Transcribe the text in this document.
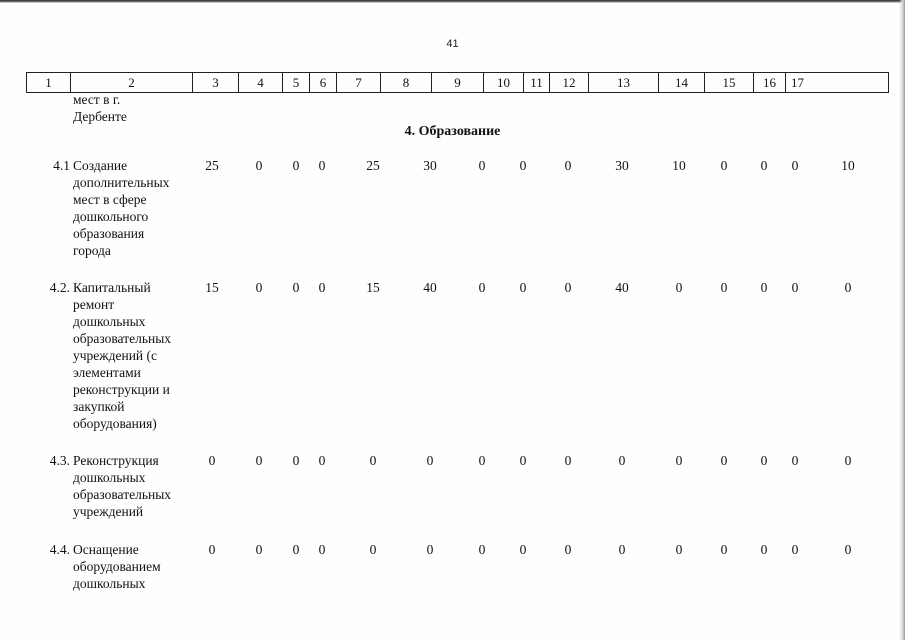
41
1	2	3	4	5	6	7	8	9	10	11	12	13	14	15	16	17
мест в г.
Дербенте
4. Образование
4.1 Создание
дополнительных
мест в сфере
дошкольного
образования
города
25	0	0	0	25	30	0	0	0	30	10	0	0	0	10
4.2. Капитальный
ремонт
дошкольных
образовательных
учреждений (с
элементами
реконструкции и
закупкой
оборудования)
15	0	0	0	15	40	0	0	0	40	0	0	0	0	0
4.3. Реконструкция
дошкольных
образовательных
учреждений
0	0	0	0	0	0	0	0	0	0	0	0	0	0	0
4.4. Оснащение
оборудованием
дошкольных
0	0	0	0	0	0	0	0	0	0	0	0	0	0	0
